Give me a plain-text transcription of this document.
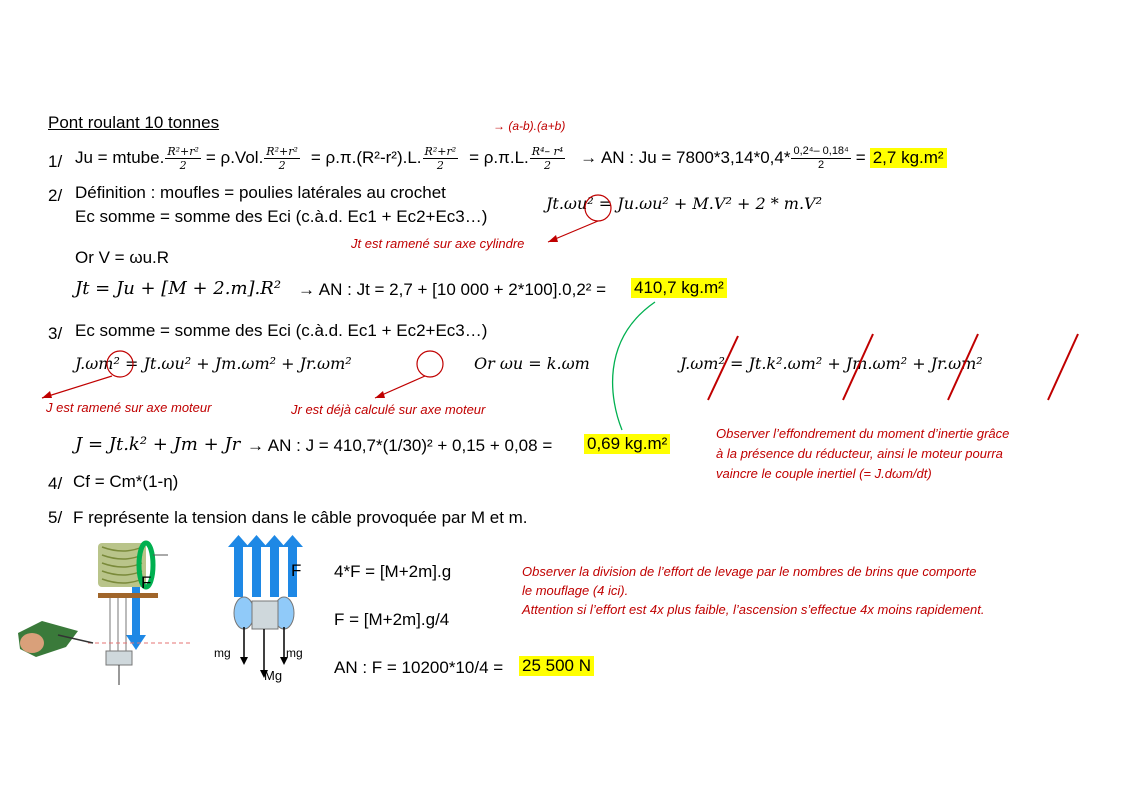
Pont roulant 10 tonnes	→ (a-b).(a+b)
1/ Ju = mtube. $\frac{\text{R²+r²}}{2} = \rho.Vol$. $\frac{\text{R²+r²}}{2} = \rho.\pi.(R^2-r^2).L$. $\frac{\text{R²+r²}}{2} = \rho.\pi.L$. $\frac{\text{R⁴– r⁴}}{2}$ → AN : $Ju = 7800*3,14*0,4* \frac{\text{0,2⁴– 0,18⁴}}{2} = 2,7$ kg.m²
2/ Définition : moufles = poulies latérales au crochet
Ec somme = somme des Eci (c.à.d. Ec1 + Ec2+Ec3…)
Jt.ωu² = Ju.ωu² + M.V² + 2 * m.V²
Jt est ramené sur axe cylindre
Or V = ωu.R
Jt = Ju + [M + 2.m].R² → AN : Jt = 2,7 + [10 000 + 2*100].0,2² = 410,7 kg.m²
3/ Ec somme = somme des Eci (c.à.d. Ec1 + Ec2+Ec3…)
J.ωm² = Jt.ωu² + Jm.ωm² + Jr.ωm²	Or ωu = k.ωm	J.ωm² = Jt.k².ωm² + Jm.ωm² + Jr.ωm²
J est ramené sur axe moteur	Jr est déjà calculé sur axe moteur
J = Jt.k² + Jm + Jr → AN : J = 410,7*(1/30)² + 0,15 + 0,08 = 0,69 kg.m²
Observer l’effondrement du moment d’inertie grâce
à la présence du réducteur, ainsi le moteur pourra
vaincre le couple inertiel (= J.dωm/dt)
4/ Cf = Cm*(1-η)
5/ F représente la tension dans le câble provoquée par M et m.
F
F
mg	mg
Mg
4*F = [M+2m].g
F = [M+2m].g/4
AN : F = 10200*10/4 = 25 500 N
Observer la division de l’effort de levage par le nombres de brins que comporte
le mouflage (4 ici).
Attention si l’effort est 4x plus faible, l’ascension s’effectue 4x moins rapidement.
